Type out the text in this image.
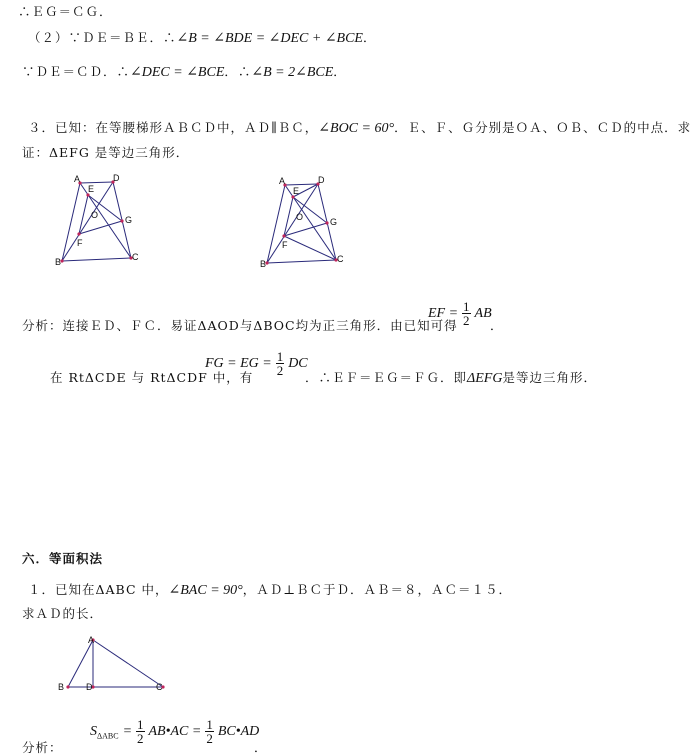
∴ＥＧ＝ＣＧ．
（２）∵ＤＥ＝ＢＥ．∴∠B = ∠BDE = ∠DEC + ∠BCE．
∵ＤＥ＝ＣＤ．∴∠DEC = ∠BCE．∴∠B = 2∠BCE．
３．已知：在等腰梯形ＡＢＣＤ中，ＡＤ∥ＢＣ，∠BOC = 60°．Ｅ、Ｆ、Ｇ分别是ＯＡ、ＯＢ、ＣＤ的中点．求
证：ΔEFG 是等边三角形．
A	D
E
O	G
F
B	C
A	D
E
O	G
F
B	C
分析：连接ＥＤ、ＦＣ．易证ΔAOD与ΔBOC均为正三角形．由已知可得
EF = $\frac{1}{2}$ AB
．
在 RtΔCDE 与 RtΔCDF 中，有
FG = EG = $\frac{1}{2}$ DC
．∴ＥＦ＝ＥＧ＝ＦＧ．即ΔEFG是等边三角形．
六．等面积法
１．已知在ΔABC 中，∠BAC = 90°，ＡＤ⊥ＢＣ于Ｄ．ＡＢ＝８，ＡＣ＝１５．
求ＡＤ的长．
A
B D	C
分析：
$S_{\Delta ABC} = \frac{1}{2}$ AB•AC = $\frac{1}{2}$ BC•AD
．
